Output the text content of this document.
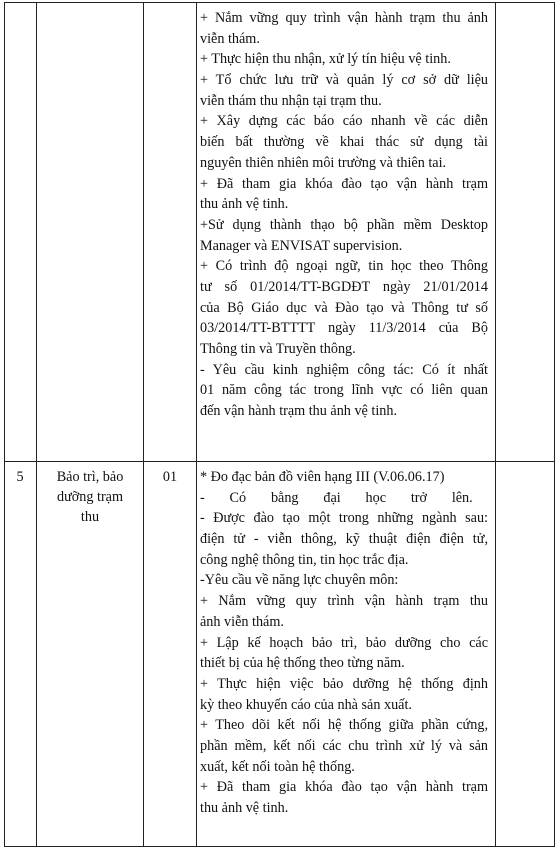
+ Nắm vững quy trình vận hành trạm thu ảnh
viễn thám.
+ Thực hiện thu nhận, xử lý tín hiệu vệ tinh.
+ Tổ chức lưu trữ và quản lý cơ sở dữ liệu
viễn thám thu nhận tại trạm thu.
+ Xây dựng các báo cáo nhanh về các diễn
biến bất thường về khai thác sử dụng tài
nguyên thiên nhiên môi trường và thiên tai.
+ Đã tham gia khóa đào tạo vận hành trạm
thu ảnh vệ tinh.
+Sử dụng thành thạo bộ phần mềm Desktop
Manager và ENVISAT supervision.
+ Có trình độ ngoại ngữ, tin học theo Thông
tư số 01/2014/TT-BGDĐT ngày 21/01/2014
của Bộ Giáo dục và Đào tạo và Thông tư số
03/2014/TT-BTTTT ngày 11/3/2014 của Bộ
Thông tin và Truyền thông.
- Yêu cầu kinh nghiệm công tác: Có ít nhất
01 năm công tác trong lĩnh vực có liên quan
đến vận hành trạm thu ảnh vệ tinh.
5	Bảo trì, bảo
dưỡng trạm
thu
01	* Đo đạc bản đồ viên hạng III (V.06.06.17)
-       Có       bằng       đại       học       trở       lên.
- Được đào tạo một trong những ngành sau:
điện tử - viễn thông, kỹ thuật điện điện tử,
công nghệ thông tin, tin học trắc địa.
-Yêu cầu về năng lực chuyên môn:
+ Nắm vững quy trình vận hành trạm thu
ảnh viễn thám.
+ Lập kế hoạch bảo trì, bảo dưỡng cho các
thiết bị của hệ thống theo từng năm.
+ Thực hiện việc bảo dưỡng hệ thống định
kỳ theo khuyến cáo của nhà sản xuất.
+ Theo dõi kết nối hệ thống giữa phần cứng,
phần mềm, kết nối các chu trình xử lý và sản
xuất, kết nối toàn hệ thống.
+ Đã tham gia khóa đào tạo vận hành trạm
thu ảnh vệ tinh.
